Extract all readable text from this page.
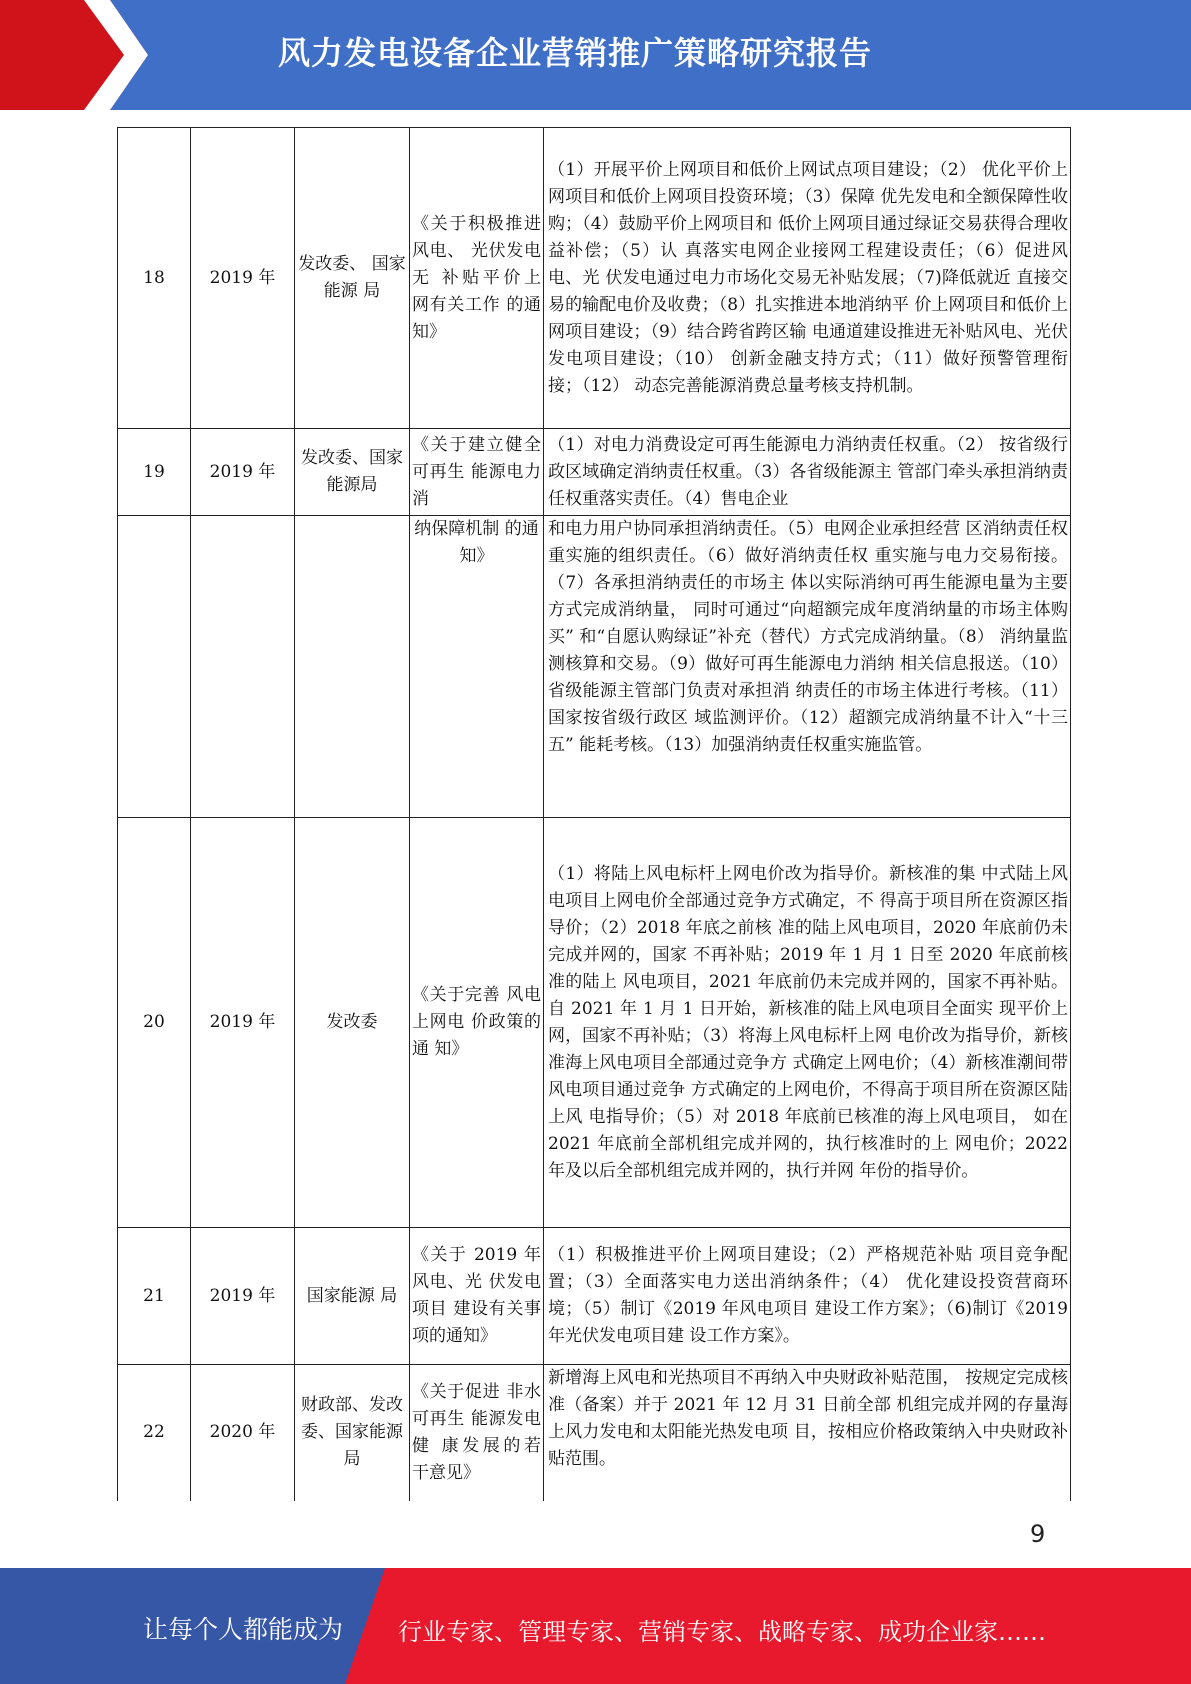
风力发电设备企业营销推广策略研究报告
18	2019 年	发改委、 国家能源 局	《关于积极推进风电、 光伏发电无 补贴平价上 网有关工作 的通知》	（1）开展平价上网项目和低价上网试点项目建设；（2） 优化平价上网项目和低价上网项目投资环境；（3）保障 优先发电和全额保障性收购；（4）鼓励平价上网项目和 低价上网项目通过绿证交易获得合理收益补偿；（5）认 真落实电网企业接网工程建设责任；（6）促进风电、光 伏发电通过电力市场化交易无补贴发展；（7)降低就近 直接交易的输配电价及收费；（8）扎实推进本地消纳平 价上网项目和低价上网项目建设；（9）结合跨省跨区输 电通道建设推进无补贴风电、光伏发电项目建设；（10） 创新金融支持方式；（11）做好预警管理衔接；（12） 动态完善能源消费总量考核支持机制。
19	2019 年	发改委、国家能源局	《关于建立健全可再生 能源电力消	（1）对电力消费设定可再生能源电力消纳责任权重。（2） 按省级行政区域确定消纳责任权重。（3）各省级能源主 管部门牵头承担消纳责任权重落实责任。（4）售电企业
			纳保障机制 的通知》	和电力用户协同承担消纳责任。（5）电网企业承担经营 区消纳责任权重实施的组织责任。（6）做好消纳责任权 重实施与电力交易衔接。（7）各承担消纳责任的市场主 体以实际消纳可再生能源电量为主要方式完成消纳量， 同时可通过“向超额完成年度消纳量的市场主体购买” 和“自愿认购绿证”补充（替代）方式完成消纳量。（8） 消纳量监测核算和交易。（9）做好可再生能源电力消纳 相关信息报送。（10）省级能源主管部门负责对承担消 纳责任的市场主体进行考核。（11）国家按省级行政区 域监测评价。（12）超额完成消纳量不计入“十三五” 能耗考核。（13）加强消纳责任权重实施监管。
20	2019 年	发改委	《关于完善 风电上网电 价政策的通 知》	（1）将陆上风电标杆上网电价改为指导价。新核准的集 中式陆上风电项目上网电价全部通过竞争方式确定，不 得高于项目所在资源区指导价；（2）2018 年底之前核 准的陆上风电项目，2020 年底前仍未完成并网的，国家 不再补贴；2019 年 1 月 1 日至 2020 年底前核准的陆上 风电项目，2021 年底前仍未完成并网的，国家不再补贴。 自 2021 年 1 月 1 日开始，新核准的陆上风电项目全面实 现平价上网，国家不再补贴；（3）将海上风电标杆上网 电价改为指导价，新核准海上风电项目全部通过竞争方 式确定上网电价；（4）新核准潮间带风电项目通过竞争 方式确定的上网电价，不得高于项目所在资源区陆上风 电指导价；（5）对 2018 年底前已核准的海上风电项目， 如在 2021 年底前全部机组完成并网的，执行核准时的上 网电价；2022 年及以后全部机组完成并网的，执行并网 年份的指导价。
21	2019 年	国家能源 局	《关于 2019 年风电、光 伏发电项目 建设有关事 项的通知》	（1）积极推进平价上网项目建设；（2）严格规范补贴 项目竞争配置；（3）全面落实电力送出消纳条件；（4） 优化建设投资营商环境；（5）制订《2019 年风电项目 建设工作方案》；（6)制订《2019 年光伏发电项目建 设工作方案》。
22	2020 年	财政部、发改委、国家能源局	《关于促进 非水可再生 能源发电健 康发展的若 干意见》	新增海上风电和光热项目不再纳入中央财政补贴范围， 按规定完成核准（备案）并于 2021 年 12 月 31 日前全部 机组完成并网的存量海上风力发电和太阳能光热发电项 目，按相应价格政策纳入中央财政补贴范围。
9
让每个人都能成为 行业专家、管理专家、营销专家、战略专家、成功企业家……
